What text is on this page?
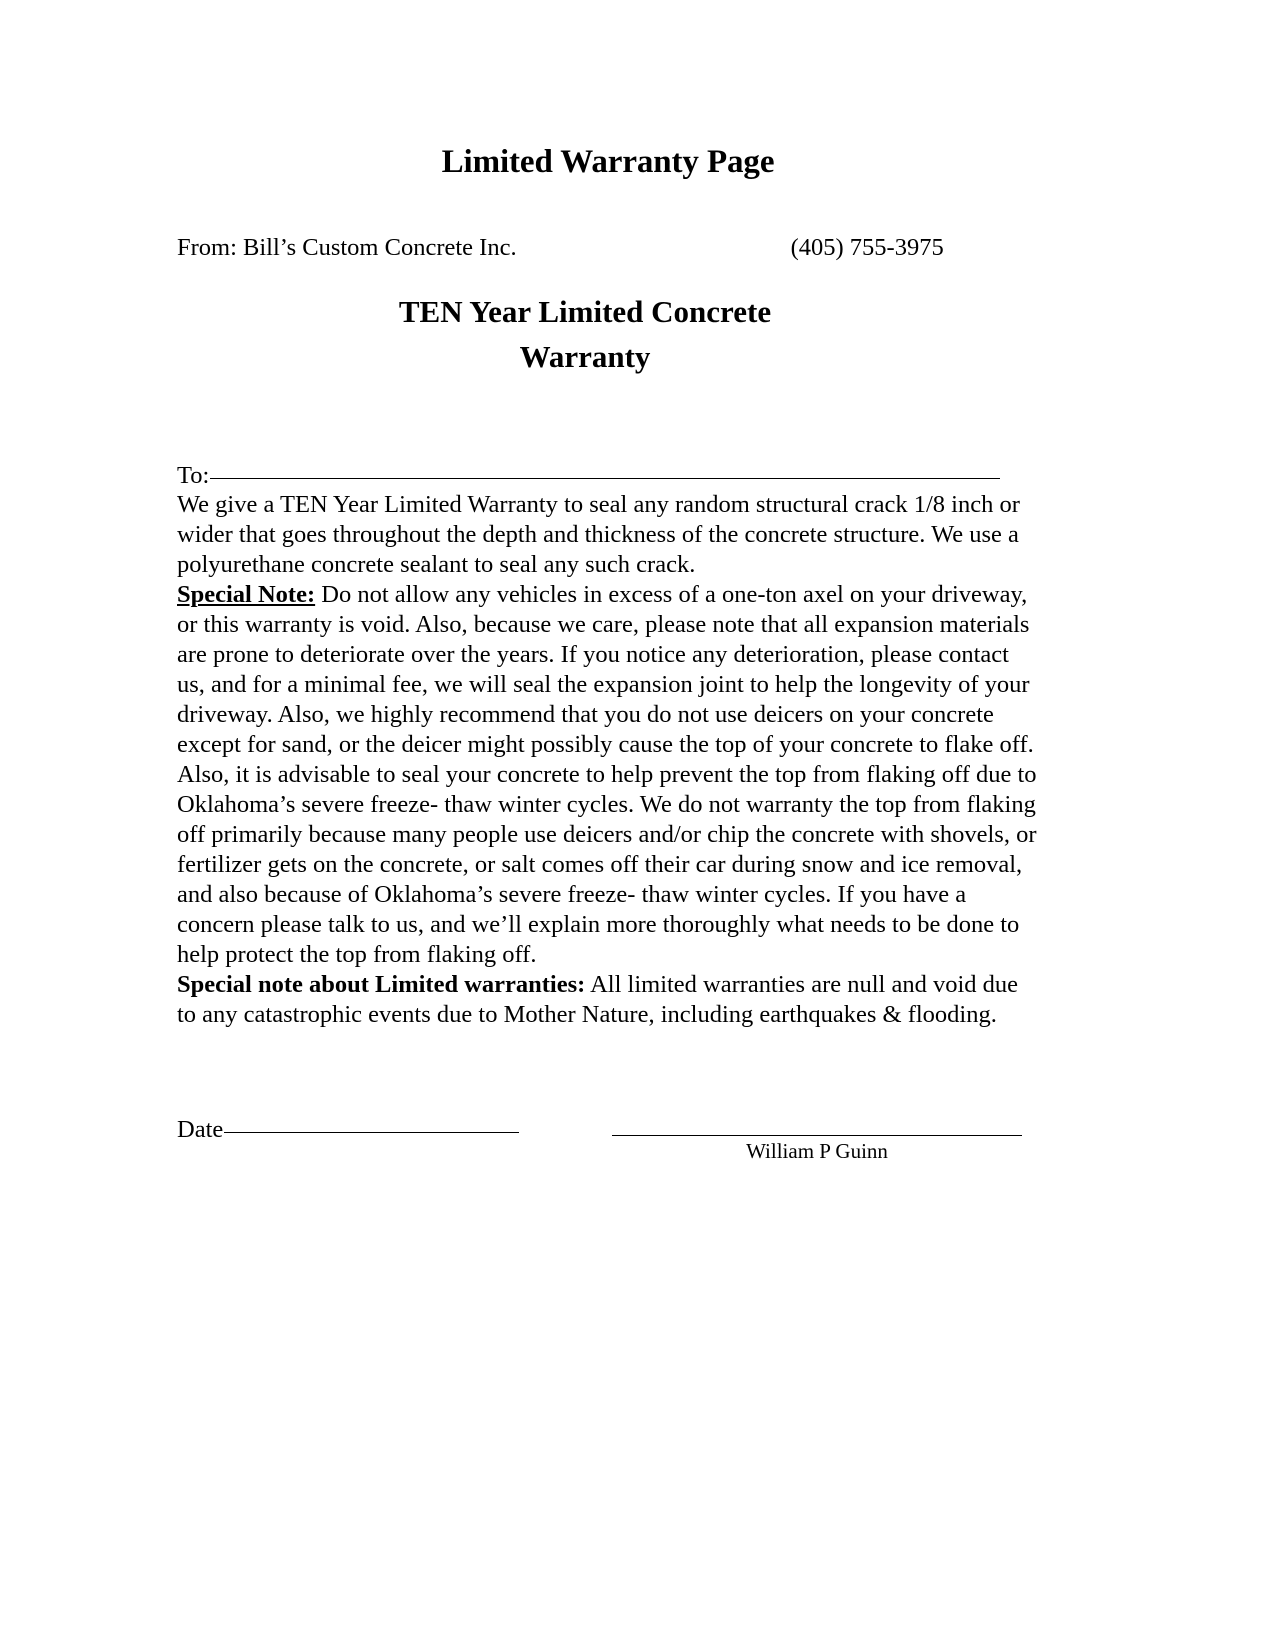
Limited Warranty Page
From: Bill’s Custom Concrete Inc.	(405) 755-3975
TEN Year Limited Concrete
Warranty
To:

We give a TEN Year Limited Warranty to seal any random structural crack 1/8 inch or wider that goes throughout the depth and thickness of the concrete structure. We use a polyurethane concrete sealant to seal any such crack.

Special Note: Do not allow any vehicles in excess of a one-ton axel on your driveway, or this warranty is void. Also, because we care, please note that all expansion materials are prone to deteriorate over the years. If you notice any deterioration, please contact us, and for a minimal fee, we will seal the expansion joint to help the longevity of your driveway. Also, we highly recommend that you do not use deicers on your concrete except for sand, or the deicer might possibly cause the top of your concrete to flake off. Also, it is advisable to seal your concrete to help prevent the top from flaking off due to Oklahoma’s severe freeze- thaw winter cycles. We do not warranty the top from flaking off primarily because many people use deicers and/or chip the concrete with shovels, or fertilizer gets on the concrete, or salt comes off their car during snow and ice removal, and also because of Oklahoma’s severe freeze- thaw winter cycles. If you have a concern please talk to us, and we’ll explain more thoroughly what needs to be done to help protect the top from flaking off.

Special note about Limited warranties: All limited warranties are null and void due to any catastrophic events due to Mother Nature, including earthquakes & flooding.

Date
William P Guinn
